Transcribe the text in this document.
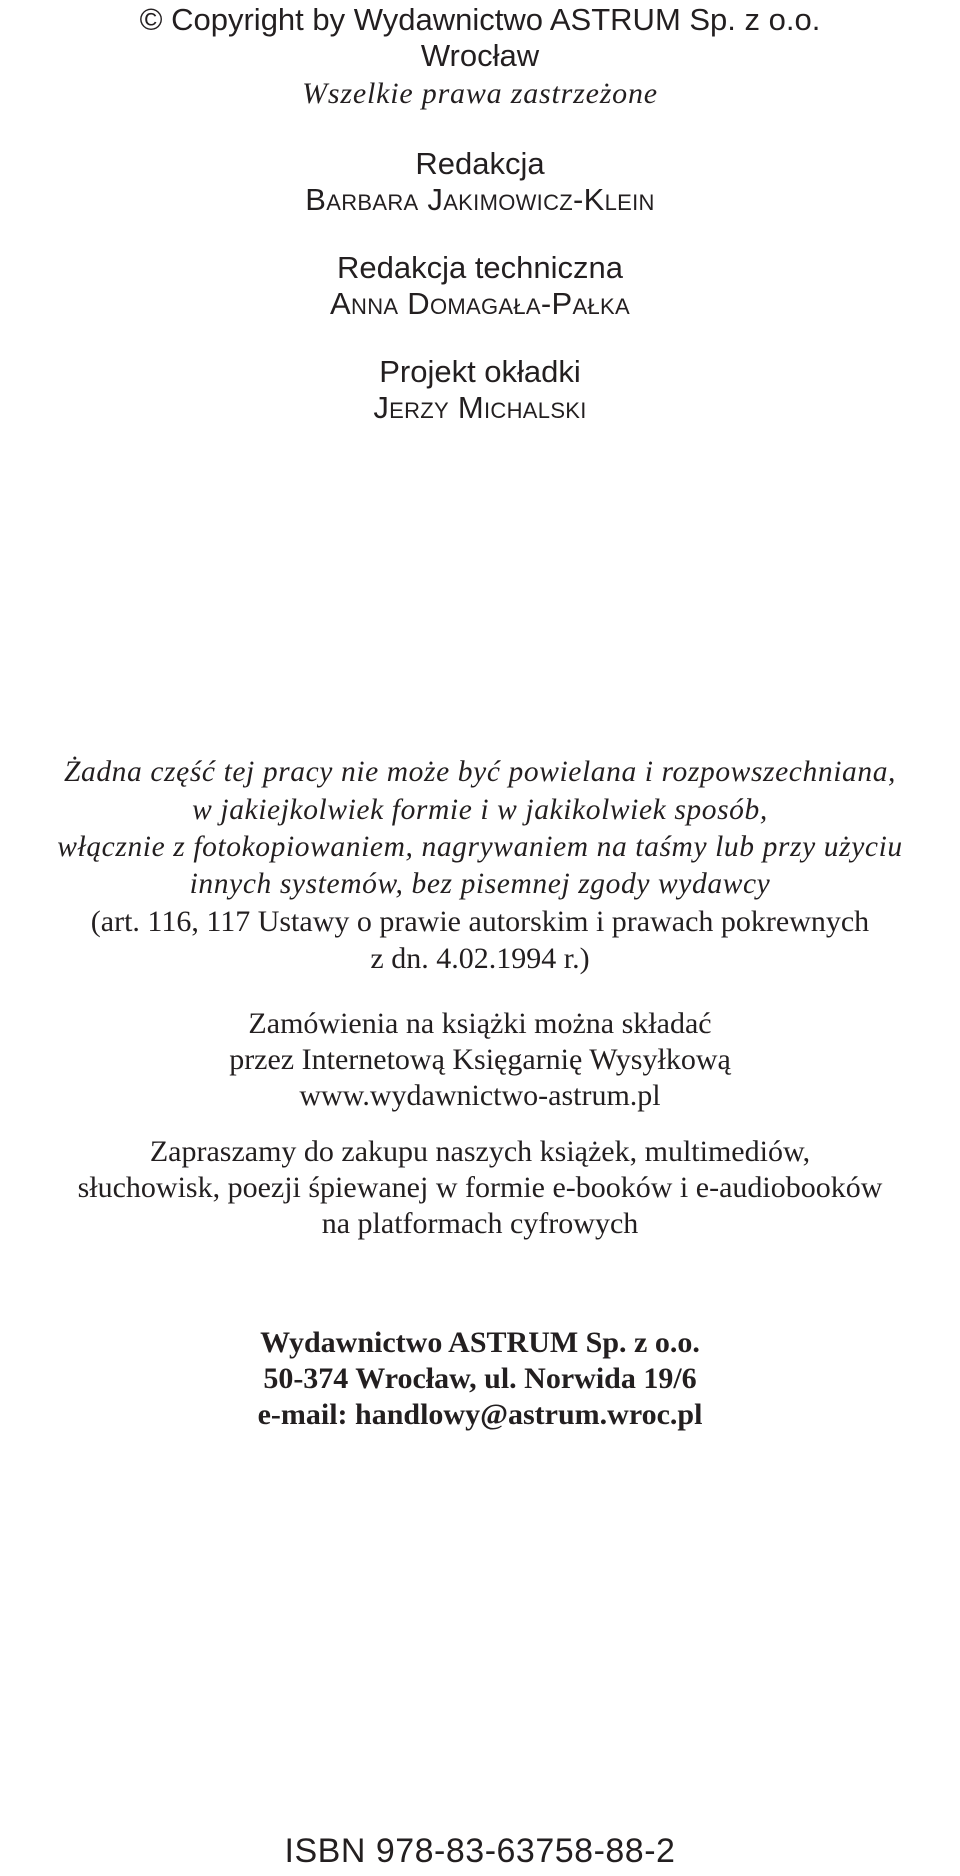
© Copyright by Wydawnictwo ASTRUM Sp. z o.o.
Wrocław
Wszelkie prawa zastrzeżone
Redakcja
Barbara Jakimowicz-Klein
Redakcja techniczna
Anna Domagała-Pałka
Projekt okładki
Jerzy Michalski
Żadna część tej pracy nie może być powielana i rozpowszechniana,
w jakiejkolwiek formie i w jakikolwiek sposób,
włącznie z fotokopiowaniem, nagrywaniem na taśmy lub przy użyciu
innych systemów, bez pisemnej zgody wydawcy
(art. 116, 117 Ustawy o prawie autorskim i prawach pokrewnych
z dn. 4.02.1994 r.)
Zamówienia na książki można składać
przez Internetową Księgarnię Wysyłkową
www.wydawnictwo-astrum.pl
Zapraszamy do zakupu naszych książek, multimediów,
słuchowisk, poezji śpiewanej w formie e-booków i e-audiobooków
na platformach cyfrowych
Wydawnictwo ASTRUM Sp. z o.o.
50-374 Wrocław, ul. Norwida 19/6
e-mail: handlowy@astrum.wroc.pl
ISBN 978-83-63758-88-2
